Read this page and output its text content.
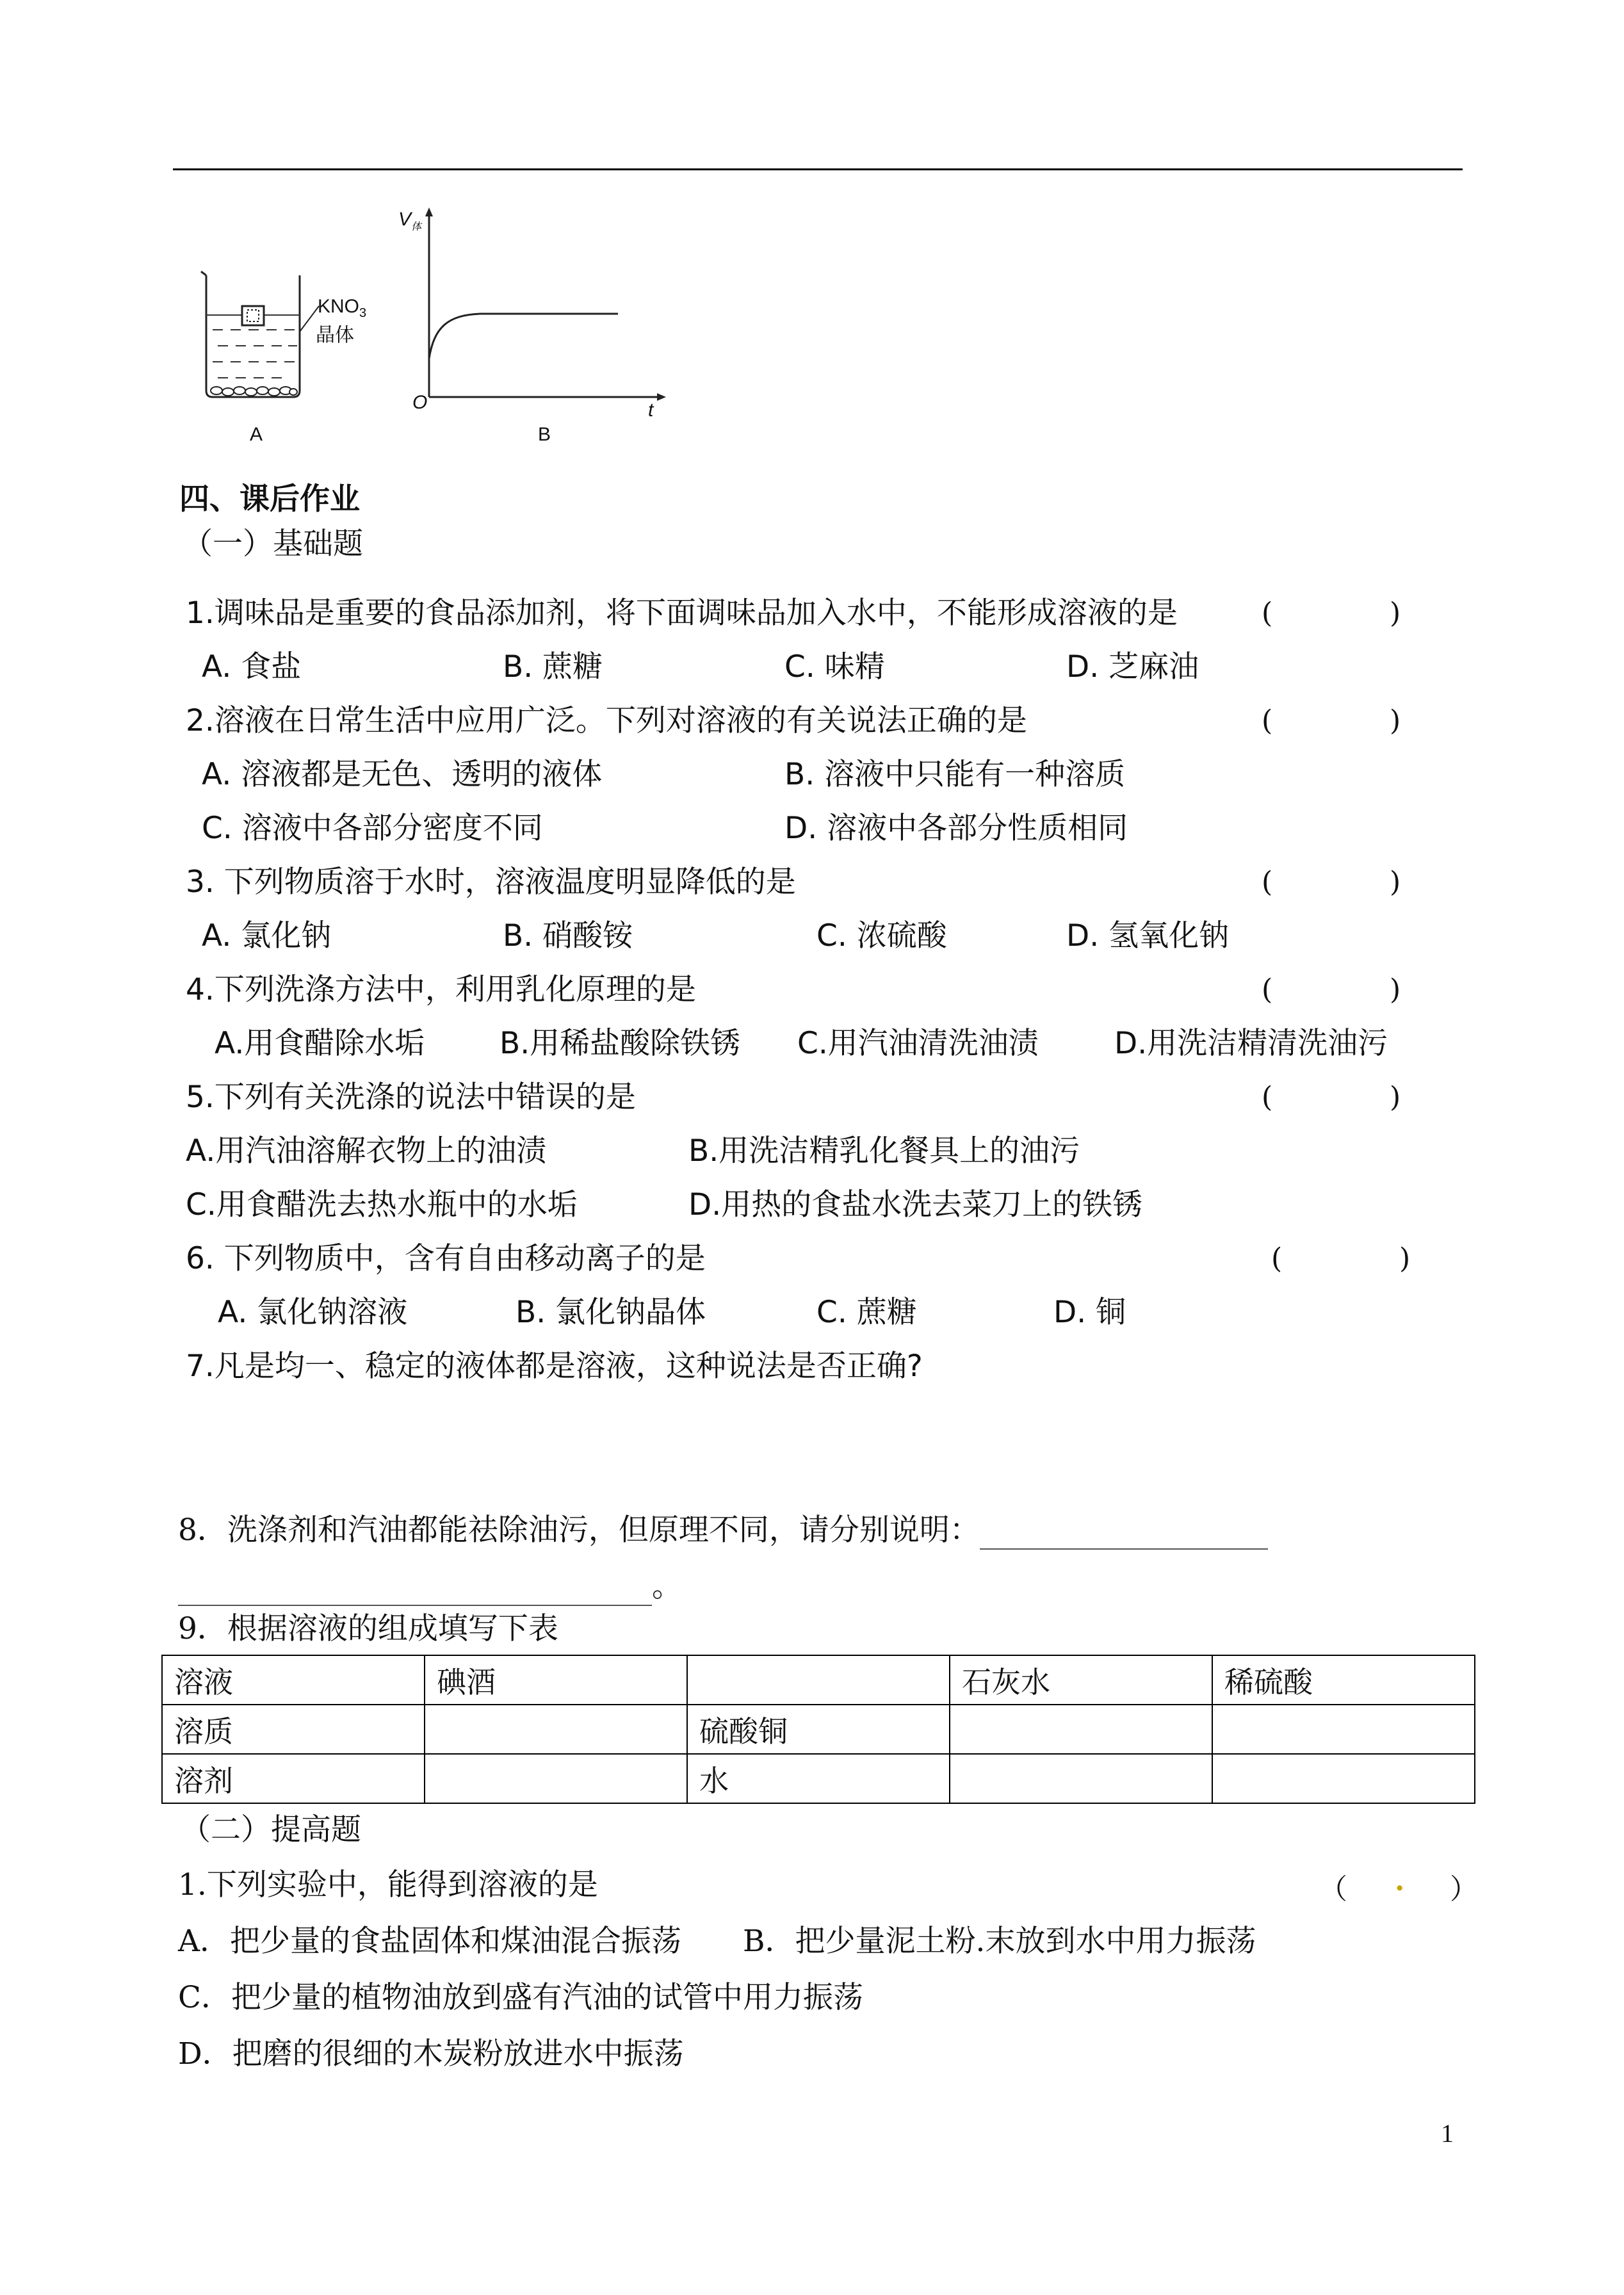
$KNO_3$
晶体
A
$V_体$
O	t
B
四、课后作业
（一）基础题
1.调味品是重要的食品添加剂，将下面调味品加入水中，不能形成溶液的是	(	)
A. 食盐	B. 蔗糖	C. 味精	D. 芝麻油
2.溶液在日常生活中应用广泛。下列对溶液的有关说法正确的是	(	)
A. 溶液都是无色、透明的液体	B. 溶液中只能有一种溶质
C. 溶液中各部分密度不同	D. 溶液中各部分性质相同
3. 下列物质溶于水时，溶液温度明显降低的是	(	)
A. 氯化钠	B. 硝酸铵	C. 浓硫酸	D. 氢氧化钠
4.下列洗涤方法中，利用乳化原理的是	(	)
A.用食醋除水垢 B.用稀盐酸除铁锈 C.用汽油清洗油渍	D.用洗洁精清洗油污
5.下列有关洗涤的说法中错误的是	(	)
A.用汽油溶解衣物上的油渍	B.用洗洁精乳化餐具上的油污
C.用食醋洗去热水瓶中的水垢	D.用热的食盐水洗去菜刀上的铁锈
6. 下列物质中，含有自由移动离子的是	(	)
A. 氯化钠溶液	B. 氯化钠晶体	C. 蔗糖	D. 铜
7.凡是均一、稳定的液体都是溶液，这种说法是否正确?
8．洗涤剂和汽油都能祛除油污，但原理不同，请分别说明：
。
9．根据溶液的组成填写下表
溶液	碘酒		石灰水	稀硫酸
溶质		硫酸铜		
溶剂		水		
（二）提高题
1.下列实验中，能得到溶液的是	（ . ）
A．把少量的食盐固体和煤油混合振荡 B．把少量泥土粉.末放到水中用力振荡
C．把少量的植物油放到盛有汽油的试管中用力振荡
D．把磨的很细的木炭粉放进水中振荡
1
